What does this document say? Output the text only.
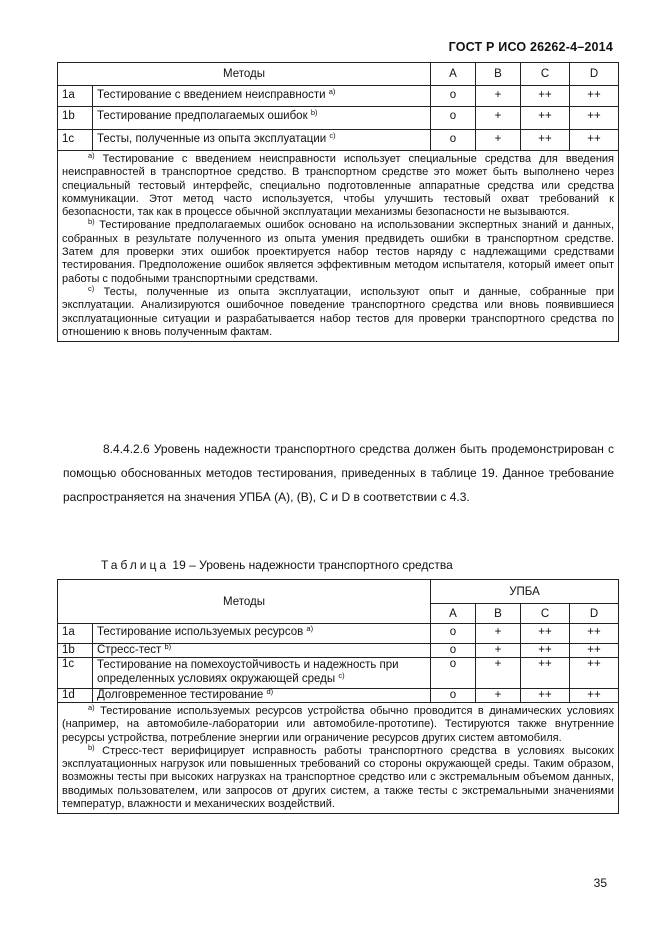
ГОСТ Р ИСО 26262-4–2014
Методы		A	B	C	D
1a	Тестирование с введением неисправности $^{a)}$	o	+	++	++
1b	Тестирование предполагаемых ошибок $^{b)}$	o	+	++	++
1c	Тесты, полученные из опыта эксплуатации $^{c)}$	o	+	++	++

$^{a)}$ Тестирование с введением неисправности использует специальные средства для введения неисправностей в транспортное средство. В транспортном средстве это может быть выполнено через специальный тестовый интерфейс, специально подготовленные аппаратные средства или средства коммуникации. Этот метод часто используется, чтобы улучшить тестовый охват требований к безопасности, так как в процессе обычной эксплуатации механизмы безопасности не вызываются.

$^{b)}$ Тестирование предполагаемых ошибок основано на использовании экспертных знаний и данных, собранных в результате полученного из опыта умения предвидеть ошибки в транспортном средстве. Затем для проверки этих ошибок проектируется набор тестов наряду с надлежащими средствами тестирования. Предположение ошибок является эффективным методом испытателя, который имеет опыт работы с подобными транспортными средствами.

$^{c)}$ Тесты, полученные из опыта эксплуатации, используют опыт и данные, собранные при эксплуатации. Анализируются ошибочное поведение транспортного средства или вновь появившиеся эксплуатационные ситуации и разрабатывается набор тестов для проверки транспортного средства по отношению к вновь полученным фактам.					

8.4.4.2.6 Уровень надежности транспортного средства должен быть продемонстрирован с помощью обоснованных методов тестирования, приведенных в таблице 19. Данное требование распространяется на значения УПБА (А), (В), С и D в соответствии с 4.3.

Таблица 19 – Уровень надежности транспортного средства
Методы		УПБА			
		A	B	C	D
1a	Тестирование используемых ресурсов $^{a)}$	o	+	++	++
1b	Стресс-тест $^{b)}$	o	+	++	++
1c	Тестирование на помехоустойчивость и надежность при определенных условиях окружающей среды $^{c)}$	o	+	++	++
1d	Долговременное тестирование $^{d)}$	o	+	++	++

$^{a)}$ Тестирование используемых ресурсов устройства обычно проводится в динамических условиях (например, на автомобиле-лаборатории или автомобиле-прототипе). Тестируются также внутренние ресурсы устройства, потребление энергии или ограничение ресурсов других систем автомобиля.

$^{b)}$ Стресс-тест верифицирует исправность работы транспортного средства в условиях высоких эксплуатационных нагрузок или повышенных требований со стороны окружающей среды. Таким образом, возможны тесты при высоких нагрузках на транспортное средство или с экстремальным объемом данных, вводимых пользователем, или запросов от других систем, а также тесты с экстремальными значениями температур, влажности и механических воздействий.					

35
